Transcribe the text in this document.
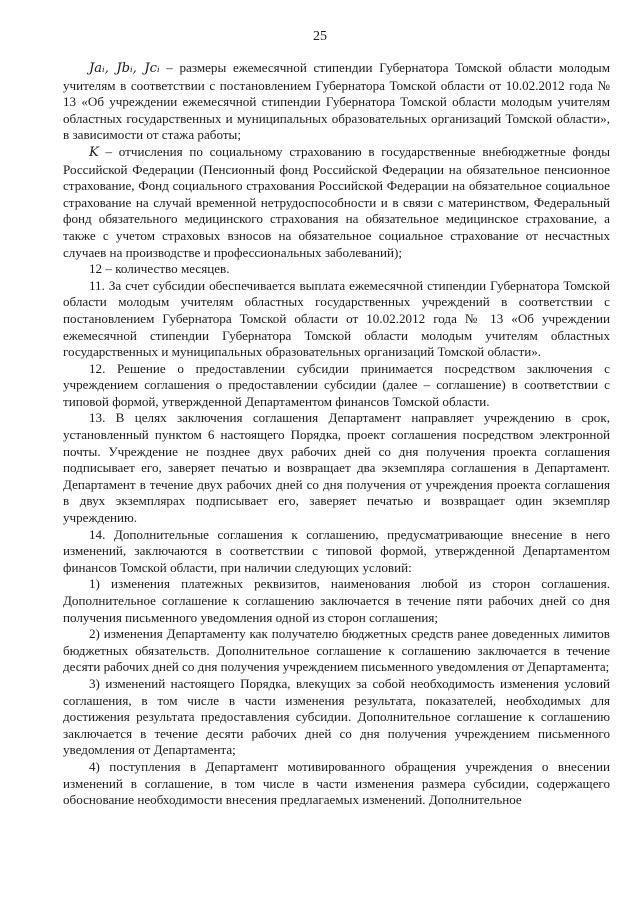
25

Jaᵢ, Jbᵢ, Jcᵢ – размеры ежемесячной стипендии Губернатора Томской области молодым учителям в соответствии с постановлением Губернатора Томской области от 10.02.2012 года № 13 «Об учреждении ежемесячной стипендии Губернатора Томской области молодым учителям областных государственных и муниципальных образовательных организаций Томской области», в зависимости от стажа работы;

K – отчисления по социальному страхованию в государственные внебюджетные фонды Российской Федерации (Пенсионный фонд Российской Федерации на обязательное пенсионное страхование, Фонд социального страхования Российской Федерации на обязательное социальное страхование на случай временной нетрудоспособности и в связи с материнством, Федеральный фонд обязательного медицинского страхования на обязательное медицинское страхование, а также с учетом страховых взносов на обязательное социальное страхование от несчастных случаев на производстве и профессиональных заболеваний);

12 – количество месяцев.

11. За счет субсидии обеспечивается выплата ежемесячной стипендии Губернатора Томской области молодым учителям областных государственных учреждений в соответствии с постановлением Губернатора Томской области от 10.02.2012 года № 13 «Об учреждении ежемесячной стипендии Губернатора Томской области молодым учителям областных государственных и муниципальных образовательных организаций Томской области».

12. Решение о предоставлении субсидии принимается посредством заключения с учреждением соглашения о предоставлении субсидии (далее – соглашение) в соответствии с типовой формой, утвержденной Департаментом финансов Томской области.

13. В целях заключения соглашения Департамент направляет учреждению в срок, установленный пунктом 6 настоящего Порядка, проект соглашения посредством электронной почты. Учреждение не позднее двух рабочих дней со дня получения проекта соглашения подписывает его, заверяет печатью и возвращает два экземпляра соглашения в Департамент. Департамент в течение двух рабочих дней со дня получения от учреждения проекта соглашения в двух экземплярах подписывает его, заверяет печатью и возвращает один экземпляр учреждению.

14. Дополнительные соглашения к соглашению, предусматривающие внесение в него изменений, заключаются в соответствии с типовой формой, утвержденной Департаментом финансов Томской области, при наличии следующих условий:

1) изменения платежных реквизитов, наименования любой из сторон соглашения. Дополнительное соглашение к соглашению заключается в течение пяти рабочих дней со дня получения письменного уведомления одной из сторон соглашения;

2) изменения Департаменту как получателю бюджетных средств ранее доведенных лимитов бюджетных обязательств. Дополнительное соглашение к соглашению заключается в течение десяти рабочих дней со дня получения учреждением письменного уведомления от Департамента;

3) изменений настоящего Порядка, влекущих за собой необходимость изменения условий соглашения, в том числе в части изменения результата, показателей, необходимых для достижения результата предоставления субсидии. Дополнительное соглашение к соглашению заключается в течение десяти рабочих дней со дня получения учреждением письменного уведомления от Департамента;

4) поступления в Департамент мотивированного обращения учреждения о внесении изменений в соглашение, в том числе в части изменения размера субсидии, содержащего обоснование необходимости внесения предлагаемых изменений. Дополнительное
